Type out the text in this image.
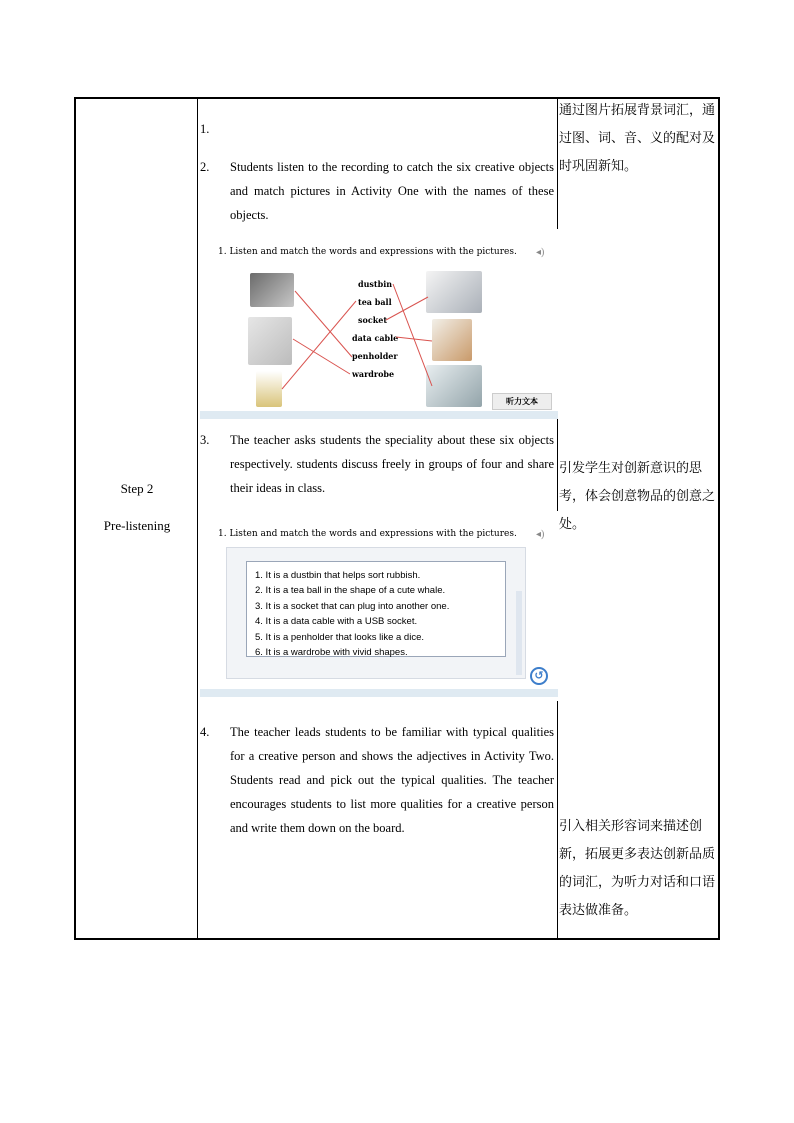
Step 2
Pre-listening
1.
2.	Students listen to the recording to catch the six creative objects and match pictures in Activity One with the names of these objects.
1. Listen and match the words and expressions with the pictures. ◂)
dustbin
tea ball
socket
data cable
penholder
wardrobe
听力文本
3.	The teacher asks students the speciality about these six objects respectively. students discuss freely in groups of four and share their ideas in class.
1. Listen and match the words and expressions with the pictures. ◂)
1. It is a dustbin that helps sort rubbish.
2. It is a tea ball in the shape of a cute whale.
3. It is a socket that can plug into another one.
4. It is a data cable with a USB socket.
5. It is a penholder that looks like a dice.
6. It is a wardrobe with vivid shapes.
↺
4.	The teacher leads students to be familiar with typical qualities for a creative person and shows the adjectives in Activity Two. Students read and pick out the typical qualities. The teacher encourages students to list more qualities for a creative person and write them down on the board.
通过图片拓展背景词汇，通过图、词、音、义的配对及时巩固新知。
引发学生对创新意识的思考，体会创意物品的创意之处。
引入相关形容词来描述创新，拓展更多表达创新品质的词汇，为听力对话和口语表达做准备。
